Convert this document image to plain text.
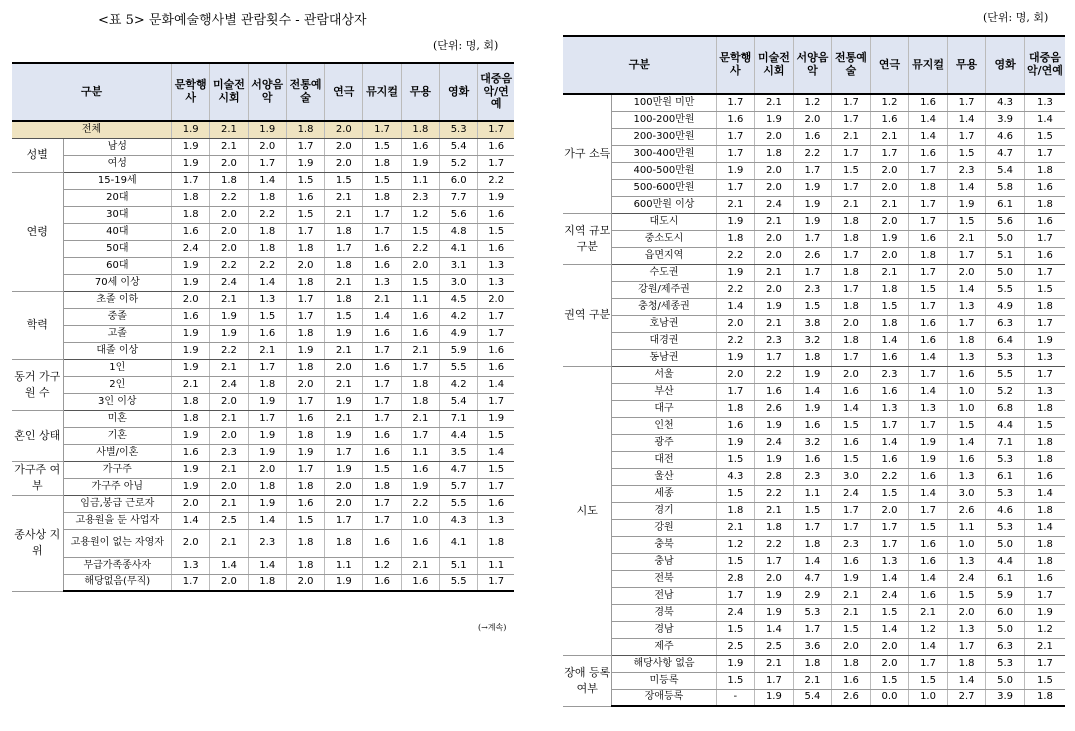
<표 5> 문화예술행사별 관람횟수 - 관람대상자
(단위: 명, 회)
(단위: 명, 회)
(→계속)
구분		문학행사	미술전시회	서양음악	전통예술	연극	뮤지컬	무용	영화	대중음악/연예
전체		1.9	2.1	1.9	1.8	2.0	1.7	1.8	5.3	1.7
성별	남성	1.9	2.1	2.0	1.7	2.0	1.5	1.6	5.4	1.6
	여성	1.9	2.0	1.7	1.9	2.0	1.8	1.9	5.2	1.7
연령	15-19세	1.7	1.8	1.4	1.5	1.5	1.5	1.1	6.0	2.2
	20대	1.8	2.2	1.8	1.6	2.1	1.8	2.3	7.7	1.9
	30대	1.8	2.0	2.2	1.5	2.1	1.7	1.2	5.6	1.6
	40대	1.6	2.0	1.8	1.7	1.8	1.7	1.5	4.8	1.5
	50대	2.4	2.0	1.8	1.8	1.7	1.6	2.2	4.1	1.6
	60대	1.9	2.2	2.2	2.0	1.8	1.6	2.0	3.1	1.3
	70세 이상	1.9	2.4	1.4	1.8	2.1	1.3	1.5	3.0	1.3
학력	초졸 이하	2.0	2.1	1.3	1.7	1.8	2.1	1.1	4.5	2.0
	중졸	1.6	1.9	1.5	1.7	1.5	1.4	1.6	4.2	1.7
	고졸	1.9	1.9	1.6	1.8	1.9	1.6	1.6	4.9	1.7
	대졸 이상	1.9	2.2	2.1	1.9	2.1	1.7	2.1	5.9	1.6
동거 가구원 수	1인	1.9	2.1	1.7	1.8	2.0	1.6	1.7	5.5	1.6
	2인	2.1	2.4	1.8	2.0	2.1	1.7	1.8	4.2	1.4
	3인 이상	1.8	2.0	1.9	1.7	1.9	1.7	1.8	5.4	1.7
혼인 상태	미혼	1.8	2.1	1.7	1.6	2.1	1.7	2.1	7.1	1.9
	기혼	1.9	2.0	1.9	1.8	1.9	1.6	1.7	4.4	1.5
	사별/이혼	1.6	2.3	1.9	1.9	1.7	1.6	1.1	3.5	1.4
가구주 여부	가구주	1.9	2.1	2.0	1.7	1.9	1.5	1.6	4.7	1.5
	가구주 아님	1.9	2.0	1.8	1.8	2.0	1.8	1.9	5.7	1.7
종사상 지위	임금,봉급 근로자	2.0	2.1	1.9	1.6	2.0	1.7	2.2	5.5	1.6
	고용원을 둔 사업자	1.4	2.5	1.4	1.5	1.7	1.7	1.0	4.3	1.3
	고용원이 없는 자영자	2.0	2.1	2.3	1.8	1.8	1.6	1.6	4.1	1.8
	무급가족종사자	1.3	1.4	1.4	1.8	1.1	1.2	2.1	5.1	1.1
	해당없음(무직)	1.7	2.0	1.8	2.0	1.9	1.6	1.6	5.5	1.7
구분		문학행사	미술전시회	서양음악	전통예술	연극	뮤지컬	무용	영화	대중음악/연예
가구 소득	100만원 미만	1.7	2.1	1.2	1.7	1.2	1.6	1.7	4.3	1.3
	100-200만원	1.6	1.9	2.0	1.7	1.6	1.4	1.4	3.9	1.4
	200-300만원	1.7	2.0	1.6	2.1	2.1	1.4	1.7	4.6	1.5
	300-400만원	1.7	1.8	2.2	1.7	1.7	1.6	1.5	4.7	1.7
	400-500만원	1.9	2.0	1.7	1.5	2.0	1.7	2.3	5.4	1.8
	500-600만원	1.7	2.0	1.9	1.7	2.0	1.8	1.4	5.8	1.6
	600만원 이상	2.1	2.4	1.9	2.1	2.1	1.7	1.9	6.1	1.8
지역 규모 구분	대도시	1.9	2.1	1.9	1.8	2.0	1.7	1.5	5.6	1.6
	중소도시	1.8	2.0	1.7	1.8	1.9	1.6	2.1	5.0	1.7
	읍면지역	2.2	2.0	2.6	1.7	2.0	1.8	1.7	5.1	1.6
권역 구분	수도권	1.9	2.1	1.7	1.8	2.1	1.7	2.0	5.0	1.7
	강원/제주권	2.2	2.0	2.3	1.7	1.8	1.5	1.4	5.5	1.5
	충청/세종권	1.4	1.9	1.5	1.8	1.5	1.7	1.3	4.9	1.8
	호남권	2.0	2.1	3.8	2.0	1.8	1.6	1.7	6.3	1.7
	대경권	2.2	2.3	3.2	1.8	1.4	1.6	1.8	6.4	1.9
	동남권	1.9	1.7	1.8	1.7	1.6	1.4	1.3	5.3	1.3
시도	서울	2.0	2.2	1.9	2.0	2.3	1.7	1.6	5.5	1.7
	부산	1.7	1.6	1.4	1.6	1.6	1.4	1.0	5.2	1.3
	대구	1.8	2.6	1.9	1.4	1.3	1.3	1.0	6.8	1.8
	인천	1.6	1.9	1.6	1.5	1.7	1.7	1.5	4.4	1.5
	광주	1.9	2.4	3.2	1.6	1.4	1.9	1.4	7.1	1.8
	대전	1.5	1.9	1.6	1.5	1.6	1.9	1.6	5.3	1.8
	울산	4.3	2.8	2.3	3.0	2.2	1.6	1.3	6.1	1.6
	세종	1.5	2.2	1.1	2.4	1.5	1.4	3.0	5.3	1.4
	경기	1.8	2.1	1.5	1.7	2.0	1.7	2.6	4.6	1.8
	강원	2.1	1.8	1.7	1.7	1.7	1.5	1.1	5.3	1.4
	충북	1.2	2.2	1.8	2.3	1.7	1.6	1.0	5.0	1.8
	충남	1.5	1.7	1.4	1.6	1.3	1.6	1.3	4.4	1.8
	전북	2.8	2.0	4.7	1.9	1.4	1.4	2.4	6.1	1.6
	전남	1.7	1.9	2.9	2.1	2.4	1.6	1.5	5.9	1.7
	경북	2.4	1.9	5.3	2.1	1.5	2.1	2.0	6.0	1.9
	경남	1.5	1.4	1.7	1.5	1.4	1.2	1.3	5.0	1.2
	제주	2.5	2.5	3.6	2.0	2.0	1.4	1.7	6.3	2.1
장애 등록 여부	해당사항 없음	1.9	2.1	1.8	1.8	2.0	1.7	1.8	5.3	1.7
	미등록	1.5	1.7	2.1	1.6	1.5	1.5	1.4	5.0	1.5
	장애등록	-	1.9	5.4	2.6	0.0	1.0	2.7	3.9	1.8
